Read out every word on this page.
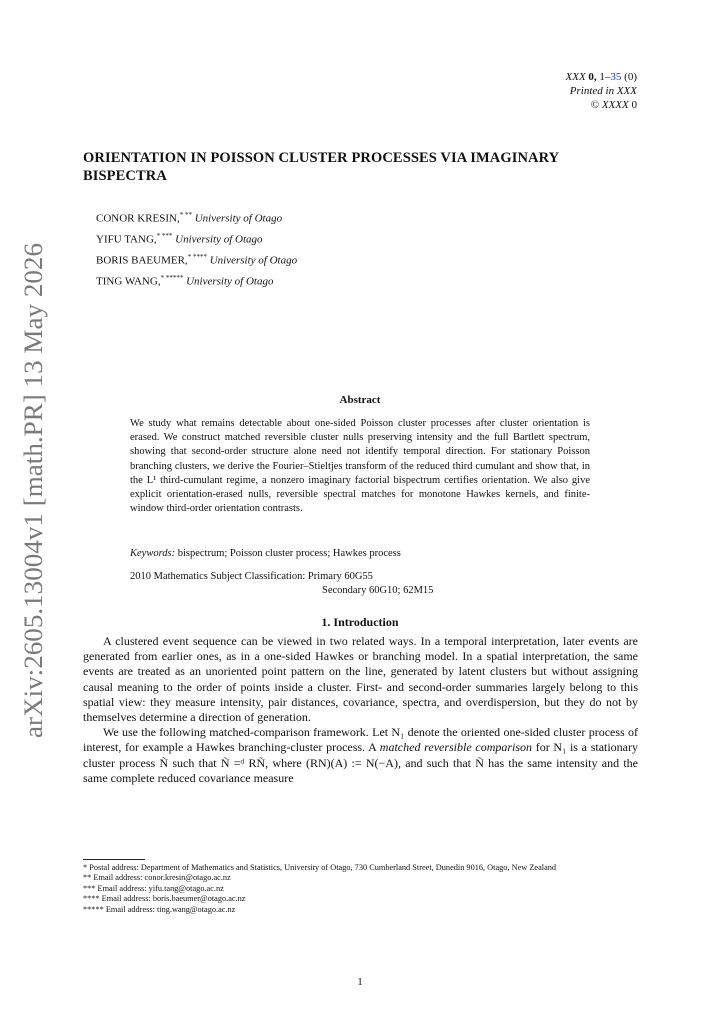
arXiv:2605.13004v1 [math.PR] 13 May 2026
XXX 0, 1–35 (0)
Printed in XXX
© XXXX 0
ORIENTATION IN POISSON CLUSTER PROCESSES VIA IMAGINARY BISPECTRA
CONOR KRESIN,* ** University of Otago
YIFU TANG,* *** University of Otago
BORIS BAEUMER,* **** University of Otago
TING WANG,* ***** University of Otago
Abstract
We study what remains detectable about one-sided Poisson cluster processes after cluster orientation is erased. We construct matched reversible cluster nulls preserving intensity and the full Bartlett spectrum, showing that second-order structure alone need not identify temporal direction. For stationary Poisson branching clusters, we derive the Fourier–Stieltjes transform of the reduced third cumulant and show that, in the L¹ third-cumulant regime, a nonzero imaginary factorial bispectrum certifies orientation. We also give explicit orientation-erased nulls, reversible spectral matches for monotone Hawkes kernels, and finite-window third-order orientation contrasts.
Keywords: bispectrum; Poisson cluster process; Hawkes process
2010 Mathematics Subject Classification: Primary 60G55
Secondary 60G10; 62M15
1. Introduction

A clustered event sequence can be viewed in two related ways. In a temporal interpretation, later events are generated from earlier ones, as in a one-sided Hawkes or branching model. In a spatial interpretation, the same events are treated as an unoriented point pattern on the line, generated by latent clusters but without assigning causal meaning to the order of points inside a cluster. First- and second-order summaries largely belong to this spatial view: they measure intensity, pair distances, covariance, spectra, and overdispersion, but they do not by themselves determine a direction of generation.

We use the following matched-comparison framework. Let N₁ denote the oriented one-sided cluster process of interest, for example a Hawkes branching-cluster process. A matched reversible comparison for N₁ is a stationary cluster process Ñ such that Ñ =ᵈ RÑ, where (RN)(A) := N(−A), and such that Ñ has the same intensity and the same complete reduced covariance measure

* Postal address: Department of Mathematics and Statistics, University of Otago, 730 Cumberland Street, Dunedin 9016, Otago, New Zealand
** Email address: conor.kresin@otago.ac.nz
*** Email address: yifu.tang@otago.ac.nz
**** Email address: boris.baeumer@otago.ac.nz
***** Email address: ting.wang@otago.ac.nz
1
